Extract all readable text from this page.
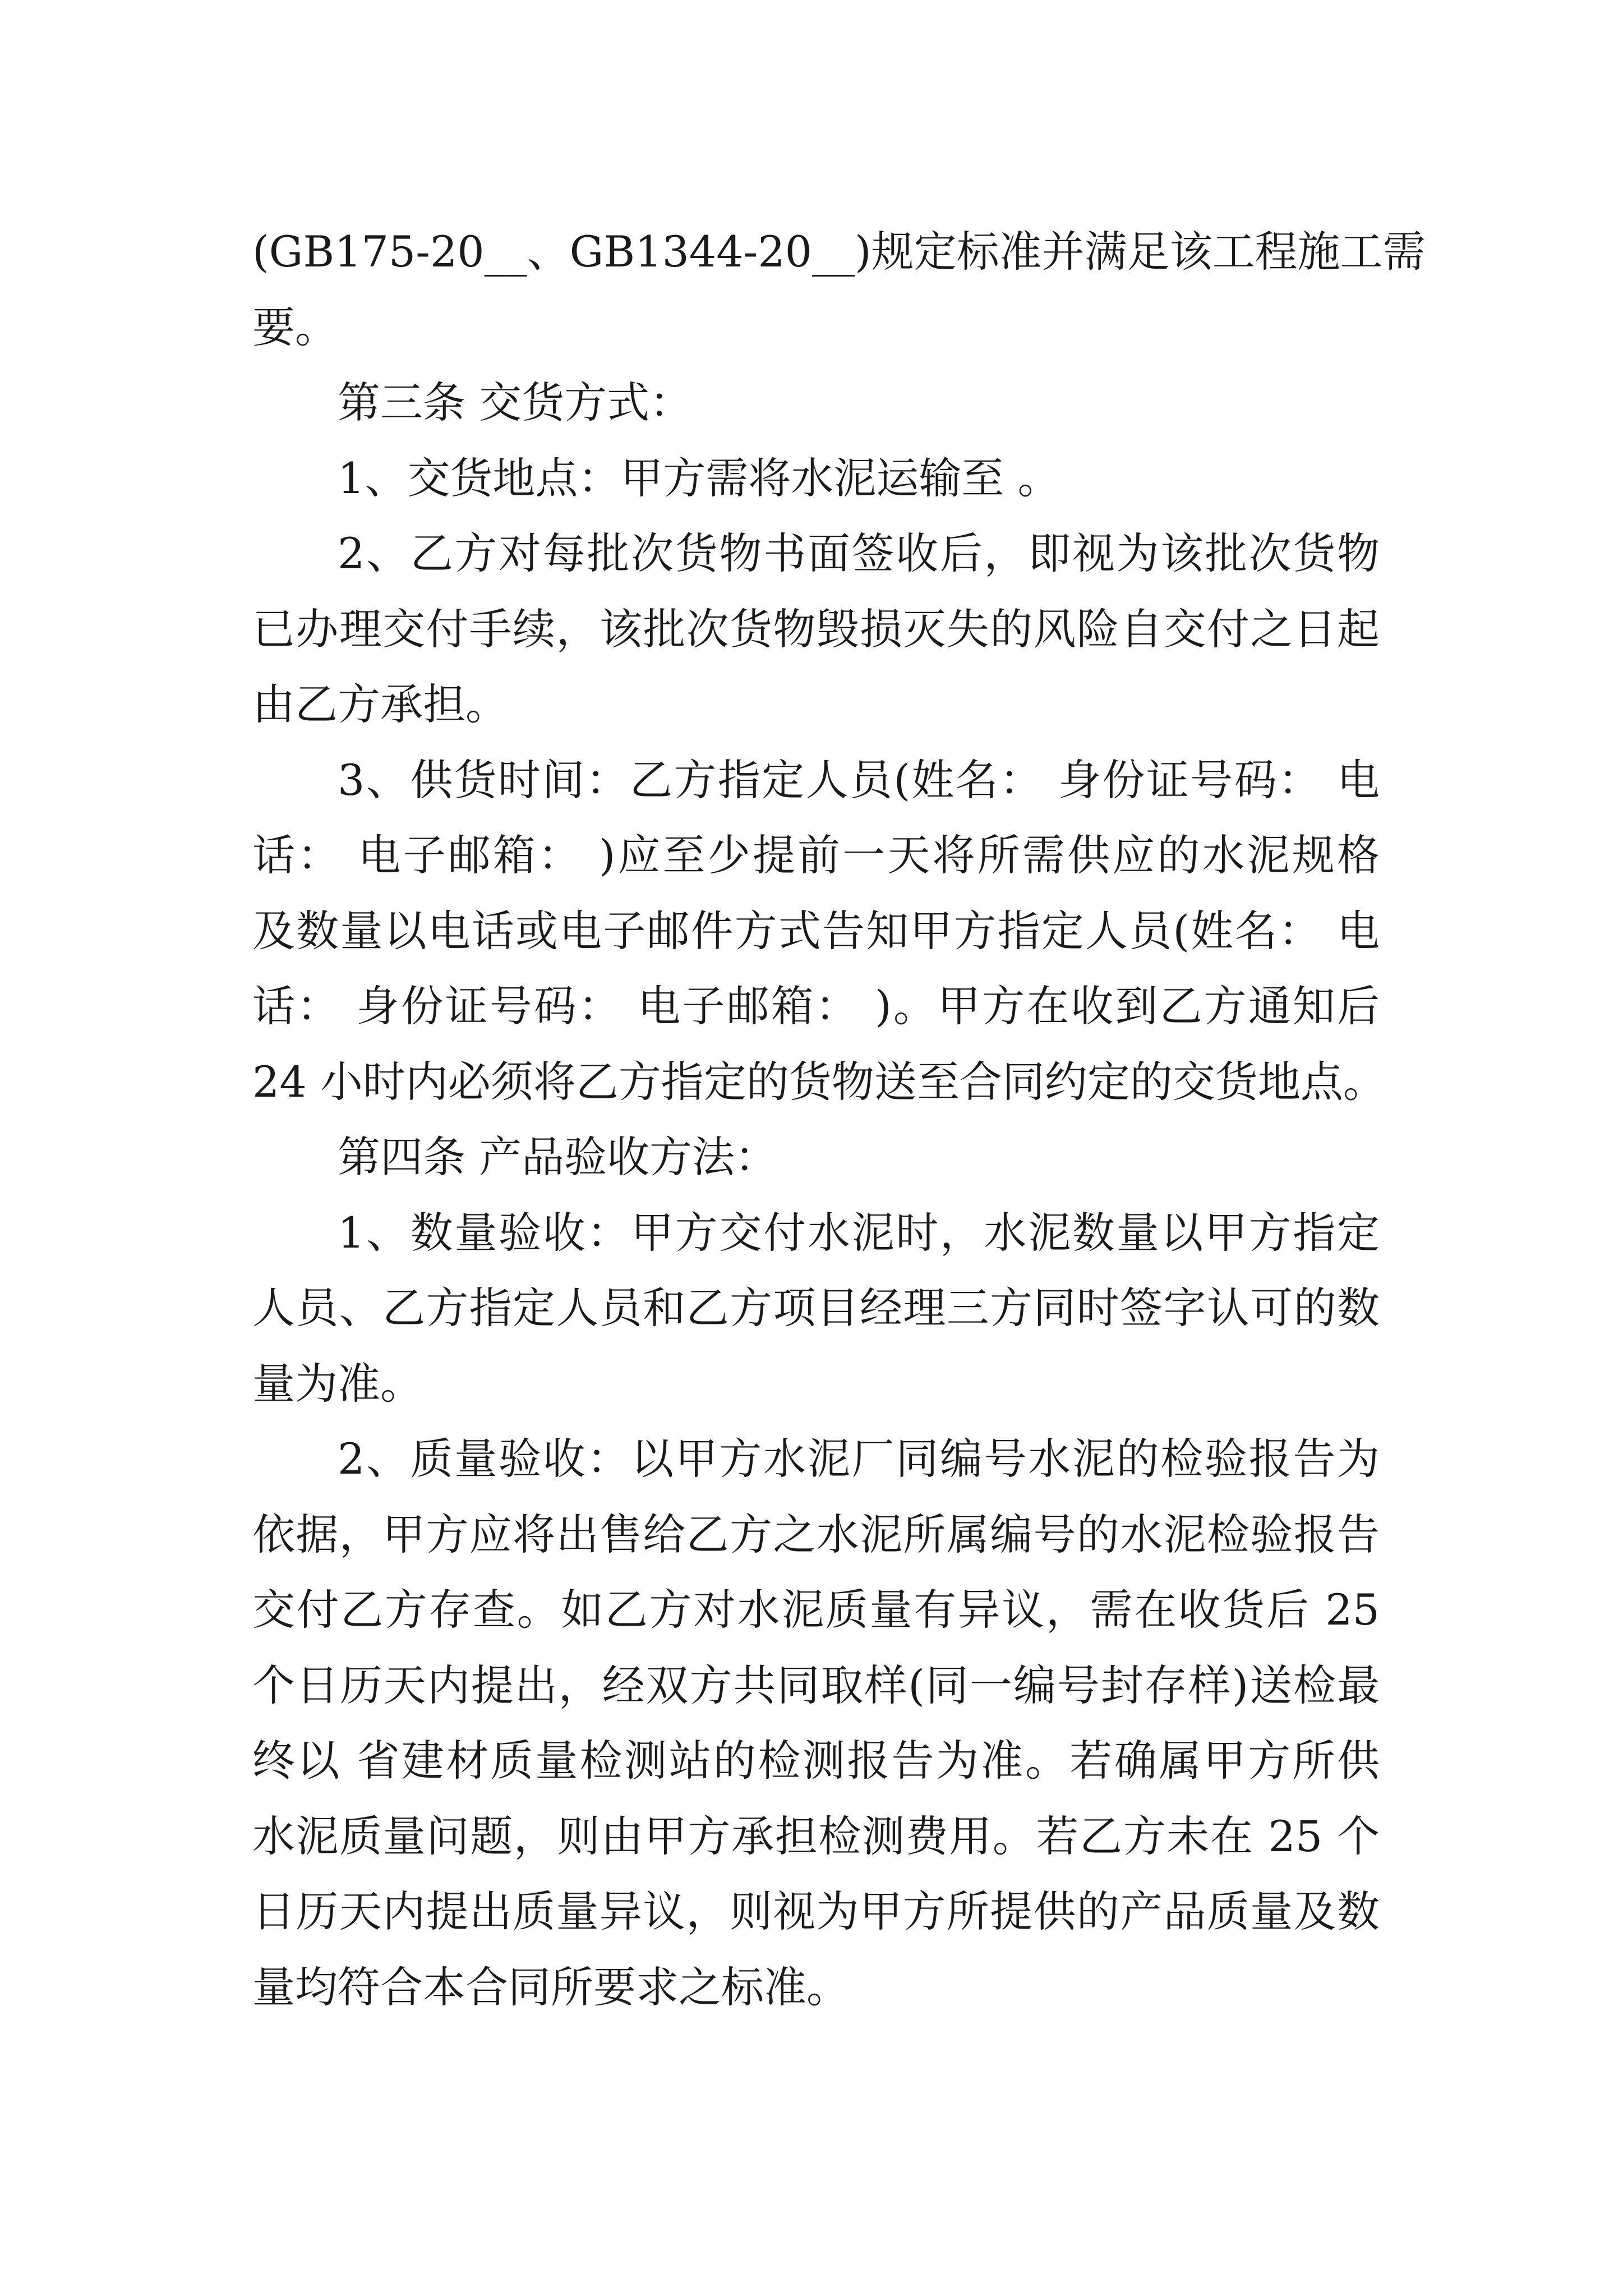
(GB175-20__、GB1344-20__)规定标准并满足该工程施工需
要。
第三条 交货方式：
1、交货地点：甲方需将水泥运输至 。
2、乙方对每批次货物书面签收后，即视为该批次货物
已办理交付手续，该批次货物毁损灭失的风险自交付之日起
由乙方承担。
3、供货时间：乙方指定人员(姓名： 身份证号码： 电
话： 电子邮箱： )应至少提前一天将所需供应的水泥规格
及数量以电话或电子邮件方式告知甲方指定人员(姓名： 电
话： 身份证号码： 电子邮箱： )。甲方在收到乙方通知后
24 小时内必须将乙方指定的货物送至合同约定的交货地点。
第四条 产品验收方法：
1、数量验收：甲方交付水泥时，水泥数量以甲方指定
人员、乙方指定人员和乙方项目经理三方同时签字认可的数
量为准。
2、质量验收：以甲方水泥厂同编号水泥的检验报告为
依据，甲方应将出售给乙方之水泥所属编号的水泥检验报告
交付乙方存查。如乙方对水泥质量有异议，需在收货后 25
个日历天内提出，经双方共同取样(同一编号封存样)送检最
终以 省建材质量检测站的检测报告为准。若确属甲方所供
水泥质量问题，则由甲方承担检测费用。若乙方未在 25 个
日历天内提出质量异议，则视为甲方所提供的产品质量及数
量均符合本合同所要求之标准。
